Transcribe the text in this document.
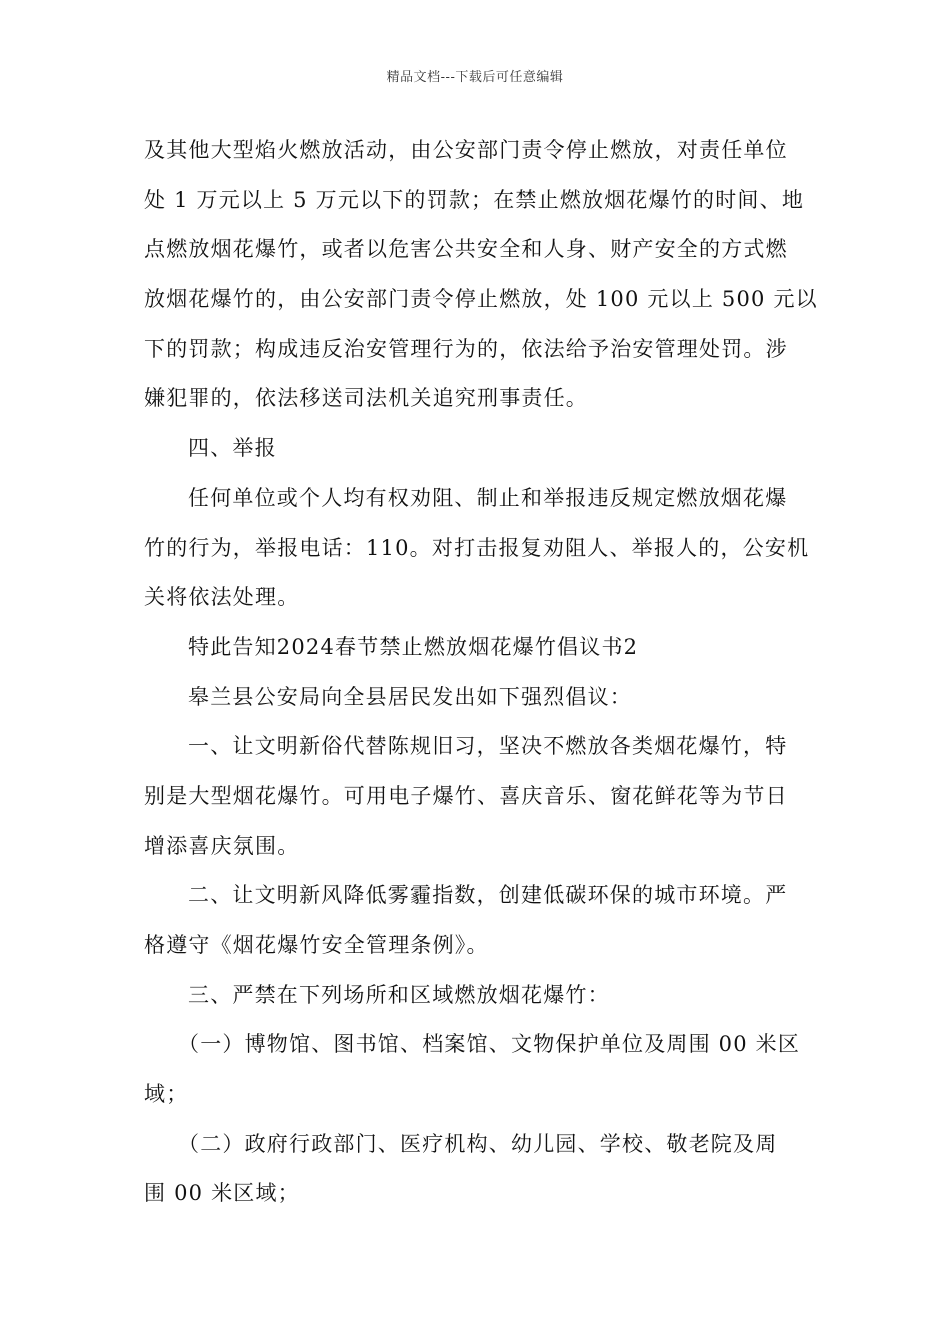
精品文档---下载后可任意编辑
及其他大型焰火燃放活动，由公安部门责令停止燃放，对责任单位
处 1 万元以上 5 万元以下的罚款；在禁止燃放烟花爆竹的时间、地
点燃放烟花爆竹，或者以危害公共安全和人身、财产安全的方式燃
放烟花爆竹的，由公安部门责令停止燃放，处 100 元以上 500 元以
下的罚款；构成违反治安管理行为的，依法给予治安管理处罚。涉
嫌犯罪的，依法移送司法机关追究刑事责任。
四、举报
任何单位或个人均有权劝阻、制止和举报违反规定燃放烟花爆
竹的行为，举报电话：110。对打击报复劝阻人、举报人的，公安机
关将依法处理。
特此告知2024春节禁止燃放烟花爆竹倡议书2
皋兰县公安局向全县居民发出如下强烈倡议：
一、让文明新俗代替陈规旧习，坚决不燃放各类烟花爆竹，特
别是大型烟花爆竹。可用电子爆竹、喜庆音乐、窗花鲜花等为节日
增添喜庆氛围。
二、让文明新风降低雾霾指数，创建低碳环保的城市环境。严
格遵守《烟花爆竹安全管理条例》。
三、严禁在下列场所和区域燃放烟花爆竹：
（一）博物馆、图书馆、档案馆、文物保护单位及周围 00 米区
域；
（二）政府行政部门、医疗机构、幼儿园、学校、敬老院及周
围 00 米区域；
